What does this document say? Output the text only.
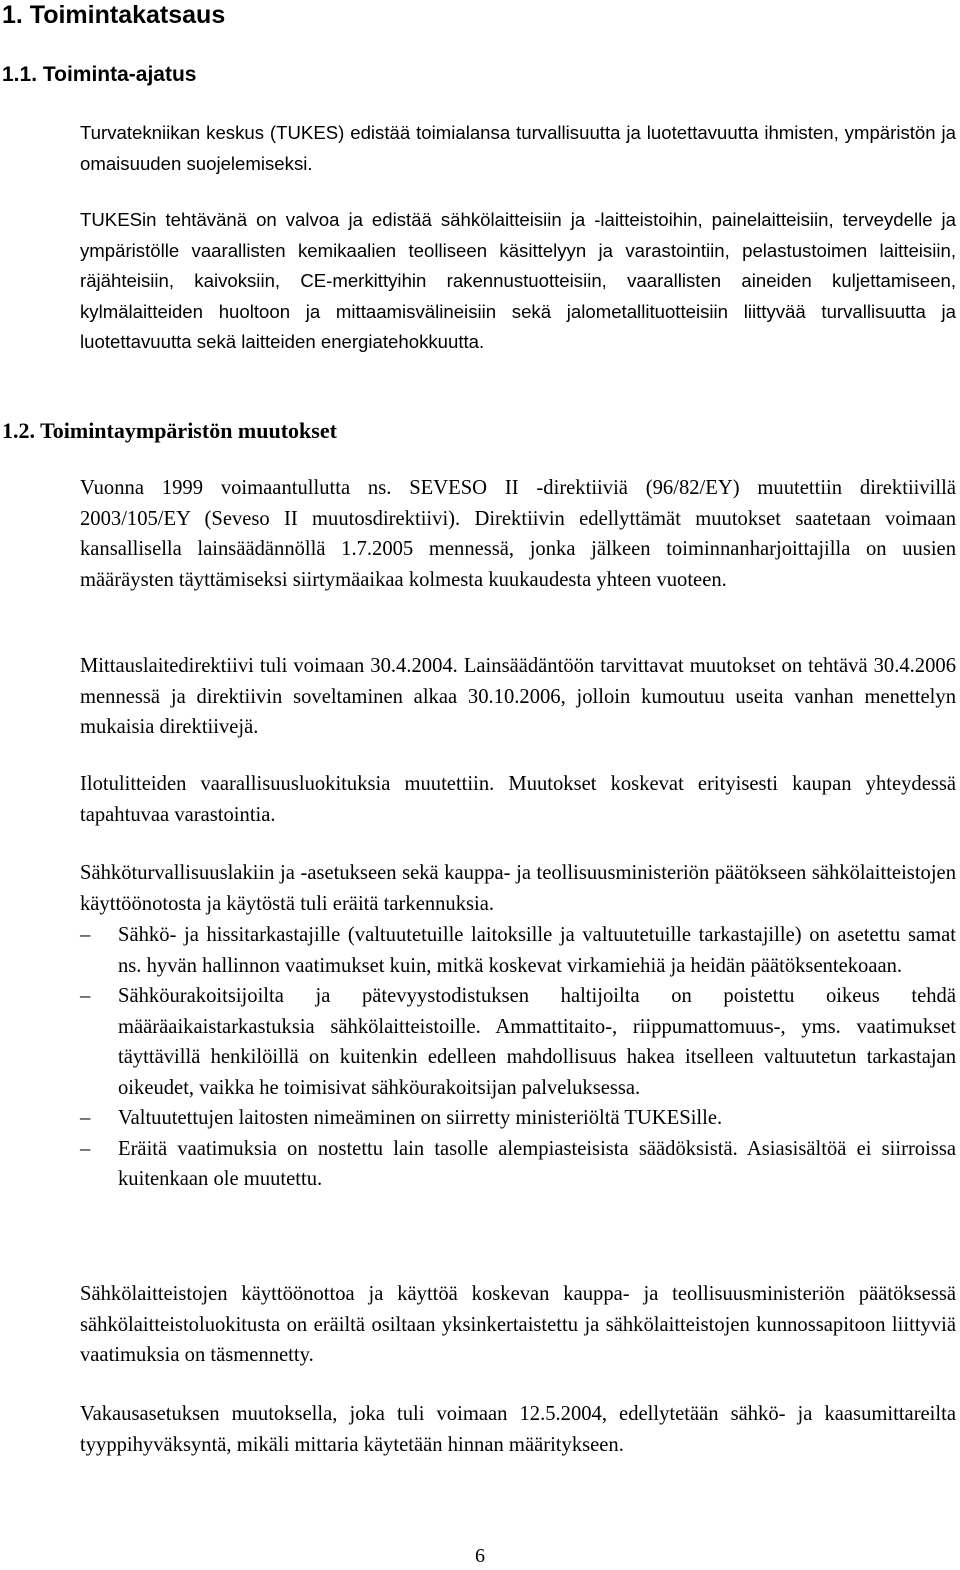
1. Toimintakatsaus
1.1. Toiminta-ajatus

Turvatekniikan keskus (TUKES) edistää toimialansa turvallisuutta ja luotettavuutta ihmisten, ympäristön ja omaisuuden suojelemiseksi.

TUKESin tehtävänä on valvoa ja edistää sähkölaitteisiin ja -laitteistoihin, painelaitteisiin, terveydelle ja ympäristölle vaarallisten kemikaalien teolliseen käsittelyyn ja varastointiin, pelastustoimen laitteisiin, räjähteisiin, kaivoksiin, CE-merkittyihin rakennustuotteisiin, vaarallisten aineiden kuljettamiseen, kylmälaitteiden huoltoon ja mittaamisvälineisiin sekä jalometallituotteisiin liittyvää turvallisuutta ja luotettavuutta sekä laitteiden energiatehokkuutta.

1.2. Toimintaympäristön muutokset

Vuonna 1999 voimaantullutta ns. SEVESO II -direktiiviä (96/82/EY) muutettiin direktiivillä 2003/105/EY (Seveso II muutosdirektiivi). Direktiivin edellyttämät muutokset saatetaan voimaan kansallisella lainsäädännöllä 1.7.2005 mennessä, jonka jälkeen toiminnanharjoittajilla on uusien määräysten täyttämiseksi siirtymäaikaa kolmesta kuukaudesta yhteen vuoteen.

Mittauslaitedirektiivi tuli voimaan 30.4.2004. Lainsäädäntöön tarvittavat muutokset on tehtävä 30.4.2006 mennessä ja direktiivin soveltaminen alkaa 30.10.2006, jolloin kumoutuu useita vanhan menettelyn mukaisia direktiivejä.

Ilotulitteiden vaarallisuusluokituksia muutettiin. Muutokset koskevat erityisesti kaupan yhteydessä tapahtuvaa varastointia.

Sähköturvallisuuslakiin ja -asetukseen sekä kauppa- ja teollisuusministeriön päätökseen sähkölaitteistojen käyttöönotosta ja käytöstä tuli eräitä tarkennuksia.

–	Sähkö- ja hissitarkastajille (valtuutetuille laitoksille ja valtuutetuille tarkastajille) on asetettu samat ns. hyvän hallinnon vaatimukset kuin, mitkä koskevat virkamiehiä ja heidän päätöksentekoaan.
–	Sähköurakoitsijoilta ja pätevyystodistuksen haltijoilta on poistettu oikeus tehdä määräaikaistarkastuksia sähkölaitteistoille. Ammattitaito-, riippumattomuus-, yms. vaatimukset täyttävillä henkilöillä on kuitenkin edelleen mahdollisuus hakea itselleen valtuutetun tarkastajan oikeudet, vaikka he toimisivat sähköurakoitsijan palveluksessa.
–	Valtuutettujen laitosten nimeäminen on siirretty ministeriöltä TUKESille.
–	Eräitä vaatimuksia on nostettu lain tasolle alempiasteisista säädöksistä. Asiasisältöä ei siirroissa kuitenkaan ole muutettu.

Sähkölaitteistojen käyttöönottoa ja käyttöä koskevan kauppa- ja teollisuusministeriön päätöksessä sähkölaitteistoluokitusta on eräiltä osiltaan yksinkertaistettu ja sähkölaitteistojen kunnossapitoon liittyviä vaatimuksia on täsmennetty.

Vakausasetuksen muutoksella, joka tuli voimaan 12.5.2004, edellytetään sähkö- ja kaasumittareilta tyyppihyväksyntä, mikäli mittaria käytetään hinnan määritykseen.

6
